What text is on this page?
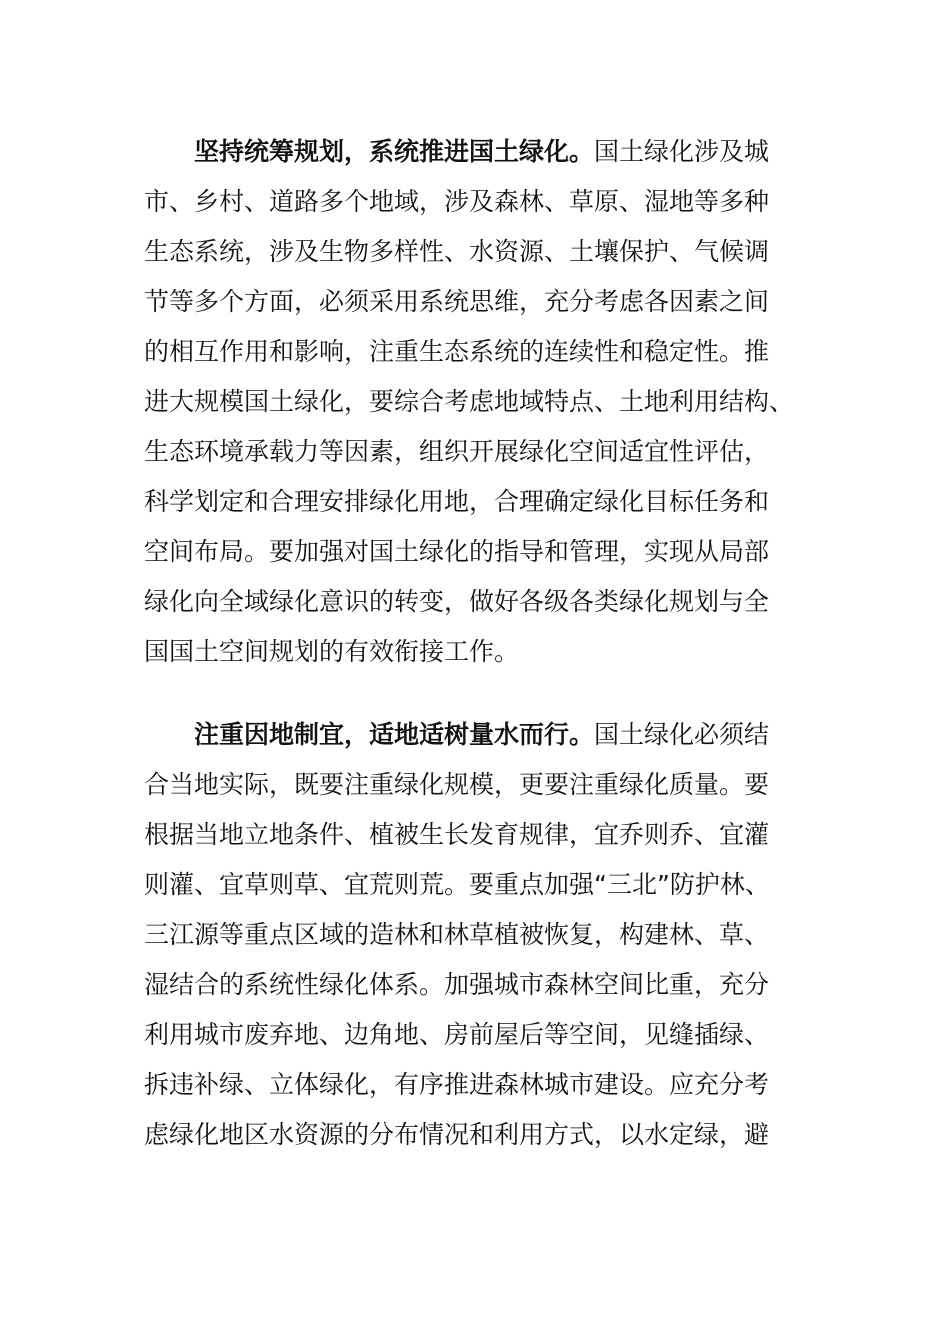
坚持统筹规划，系统推进国土绿化。国土绿化涉及城
市、乡村、道路多个地域，涉及森林、草原、湿地等多种
生态系统，涉及生物多样性、水资源、土壤保护、气候调
节等多个方面，必须采用系统思维，充分考虑各因素之间
的相互作用和影响，注重生态系统的连续性和稳定性。推
进大规模国土绿化，要综合考虑地域特点、土地利用结构、
生态环境承载力等因素，组织开展绿化空间适宜性评估，
科学划定和合理安排绿化用地，合理确定绿化目标任务和
空间布局。要加强对国土绿化的指导和管理，实现从局部
绿化向全域绿化意识的转变，做好各级各类绿化规划与全
国国土空间规划的有效衔接工作。
注重因地制宜，适地适树量水而行。国土绿化必须结
合当地实际，既要注重绿化规模，更要注重绿化质量。要
根据当地立地条件、植被生长发育规律，宜乔则乔、宜灌
则灌、宜草则草、宜荒则荒。要重点加强“三北”防护林、
三江源等重点区域的造林和林草植被恢复，构建林、草、
湿结合的系统性绿化体系。加强城市森林空间比重，充分
利用城市废弃地、边角地、房前屋后等空间，见缝插绿、
拆违补绿、立体绿化，有序推进森林城市建设。应充分考
虑绿化地区水资源的分布情况和利用方式，以水定绿，避
